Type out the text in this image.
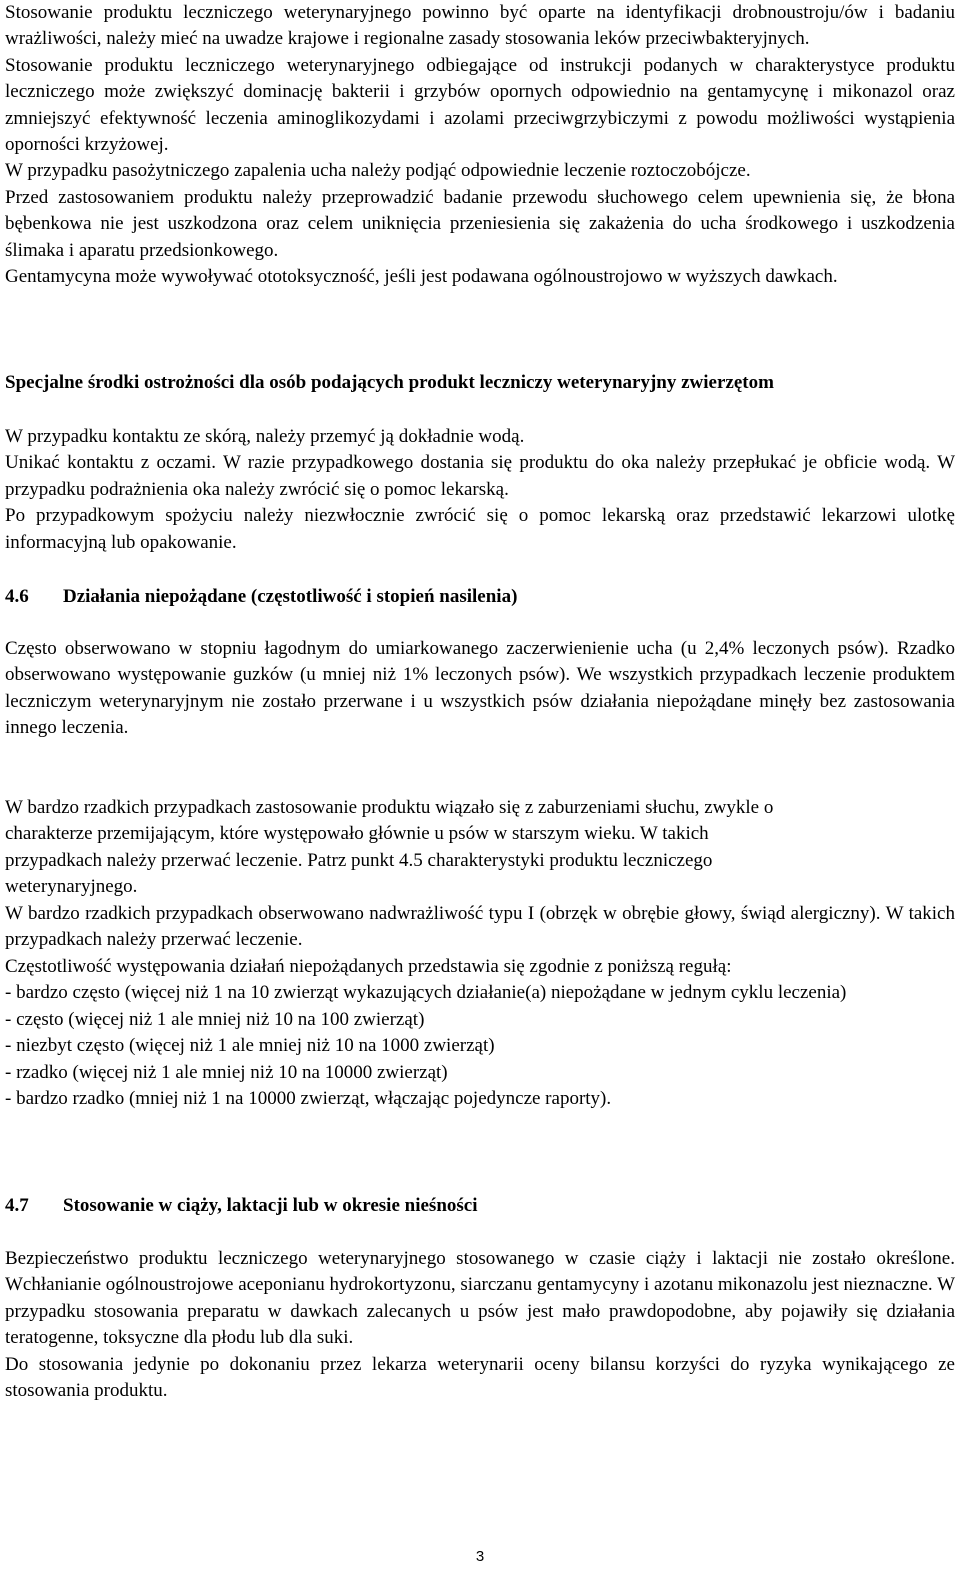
Stosowanie produktu leczniczego weterynaryjnego powinno być oparte na identyfikacji drobnoustroju/ów i badaniu wrażliwości, należy mieć na uwadze krajowe i regionalne zasady stosowania leków przeciwbakteryjnych.

Stosowanie produktu leczniczego weterynaryjnego odbiegające od instrukcji podanych w charakterystyce produktu leczniczego może zwiększyć dominację bakterii i grzybów opornych odpowiednio na gentamycynę i mikonazol oraz zmniejszyć efektywność leczenia aminoglikozydami i azolami przeciwgrzybiczymi z powodu możliwości wystąpienia oporności krzyżowej.

W przypadku pasożytniczego zapalenia ucha należy podjąć odpowiednie leczenie roztoczobójcze.

Przed zastosowaniem produktu należy przeprowadzić badanie przewodu słuchowego celem upewnienia się, że błona bębenkowa nie jest uszkodzona oraz celem uniknięcia przeniesienia się zakażenia do ucha środkowego i uszkodzenia ślimaka i aparatu przedsionkowego.

Gentamycyna może wywoływać ototoksyczność, jeśli jest podawana ogólnoustrojowo w wyższych dawkach.

Specjalne środki ostrożności dla osób podających produkt leczniczy weterynaryjny zwierzętom

W przypadku kontaktu ze skórą, należy przemyć ją dokładnie wodą.

Unikać kontaktu z oczami. W razie przypadkowego dostania się produktu do oka należy przepłukać je obficie wodą. W przypadku podrażnienia oka należy zwrócić się o pomoc lekarską.

Po przypadkowym spożyciu należy niezwłocznie zwrócić się o pomoc lekarską oraz przedstawić lekarzowi ulotkę informacyjną lub opakowanie.

4.6 Działania niepożądane (częstotliwość i stopień nasilenia)

Często obserwowano w stopniu łagodnym do umiarkowanego zaczerwienienie ucha (u 2,4% leczonych psów). Rzadko obserwowano występowanie guzków (u mniej niż 1% leczonych psów). We wszystkich przypadkach leczenie produktem leczniczym weterynaryjnym nie zostało przerwane i u wszystkich psów działania niepożądane minęły bez zastosowania innego leczenia.

W bardzo rzadkich przypadkach zastosowanie produktu wiązało się z zaburzeniami słuchu, zwykle o
charakterze przemijającym, które występowało głównie u psów w starszym wieku. W takich
przypadkach należy przerwać leczenie. Patrz punkt 4.5 charakterystyki produktu leczniczego
weterynaryjnego.

W bardzo rzadkich przypadkach obserwowano nadwrażliwość typu I (obrzęk w obrębie głowy, świąd alergiczny). W takich przypadkach należy przerwać leczenie.

Częstotliwość występowania działań niepożądanych przedstawia się zgodnie z poniższą regułą:

- bardzo często (więcej niż 1 na 10 zwierząt wykazujących działanie(a) niepożądane w jednym cyklu leczenia)

- często (więcej niż 1 ale mniej niż 10 na 100 zwierząt)

- niezbyt często (więcej niż 1 ale mniej niż 10 na 1000 zwierząt)

- rzadko (więcej niż 1 ale mniej niż 10 na 10000 zwierząt)

- bardzo rzadko (mniej niż 1 na 10000 zwierząt, włączając pojedyncze raporty).

4.7 Stosowanie w ciąży, laktacji lub w okresie nieśności

Bezpieczeństwo produktu leczniczego weterynaryjnego stosowanego w czasie ciąży i laktacji nie zostało określone. Wchłanianie ogólnoustrojowe aceponianu hydrokortyzonu, siarczanu gentamycyny i azotanu mikonazolu jest nieznaczne. W przypadku stosowania preparatu w dawkach zalecanych u psów jest mało prawdopodobne, aby pojawiły się działania teratogenne, toksyczne dla płodu lub dla suki.

Do stosowania jedynie po dokonaniu przez lekarza weterynarii oceny bilansu korzyści do ryzyka wynikającego ze stosowania produktu.

3
